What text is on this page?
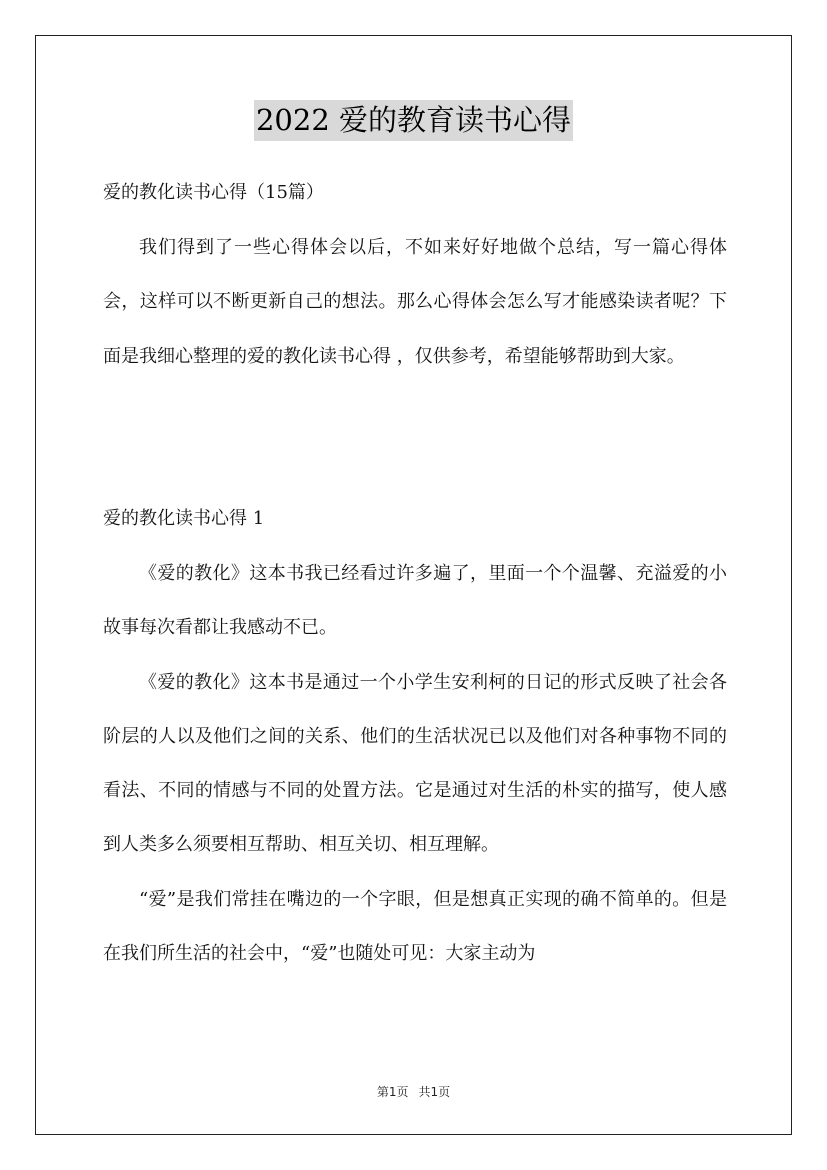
2022 爱的教育读书心得

爱的教化读书心得（15篇）

我们得到了一些心得体会以后，不如来好好地做个总结，写一篇心得体会，这样可以不断更新自己的想法。那么心得体会怎么写才能感染读者呢？下面是我细心整理的爱的教化读书心得 ，仅供参考，希望能够帮助到大家。

爱的教化读书心得 1

《爱的教化》这本书我已经看过许多遍了，里面一个个温馨、充溢爱的小故事每次看都让我感动不已。

《爱的教化》这本书是通过一个小学生安利柯的日记的形式反映了社会各阶层的人以及他们之间的关系、他们的生活状况已以及他们对各种事物不同的看法、不同的情感与不同的处置方法。它是通过对生活的朴实的描写，使人感到人类多么须要相互帮助、相互关切、相互理解。

“爱”是我们常挂在嘴边的一个字眼，但是想真正实现的确不简单的。但是在我们所生活的社会中，“爱”也随处可见：大家主动为

第1页 共1页
